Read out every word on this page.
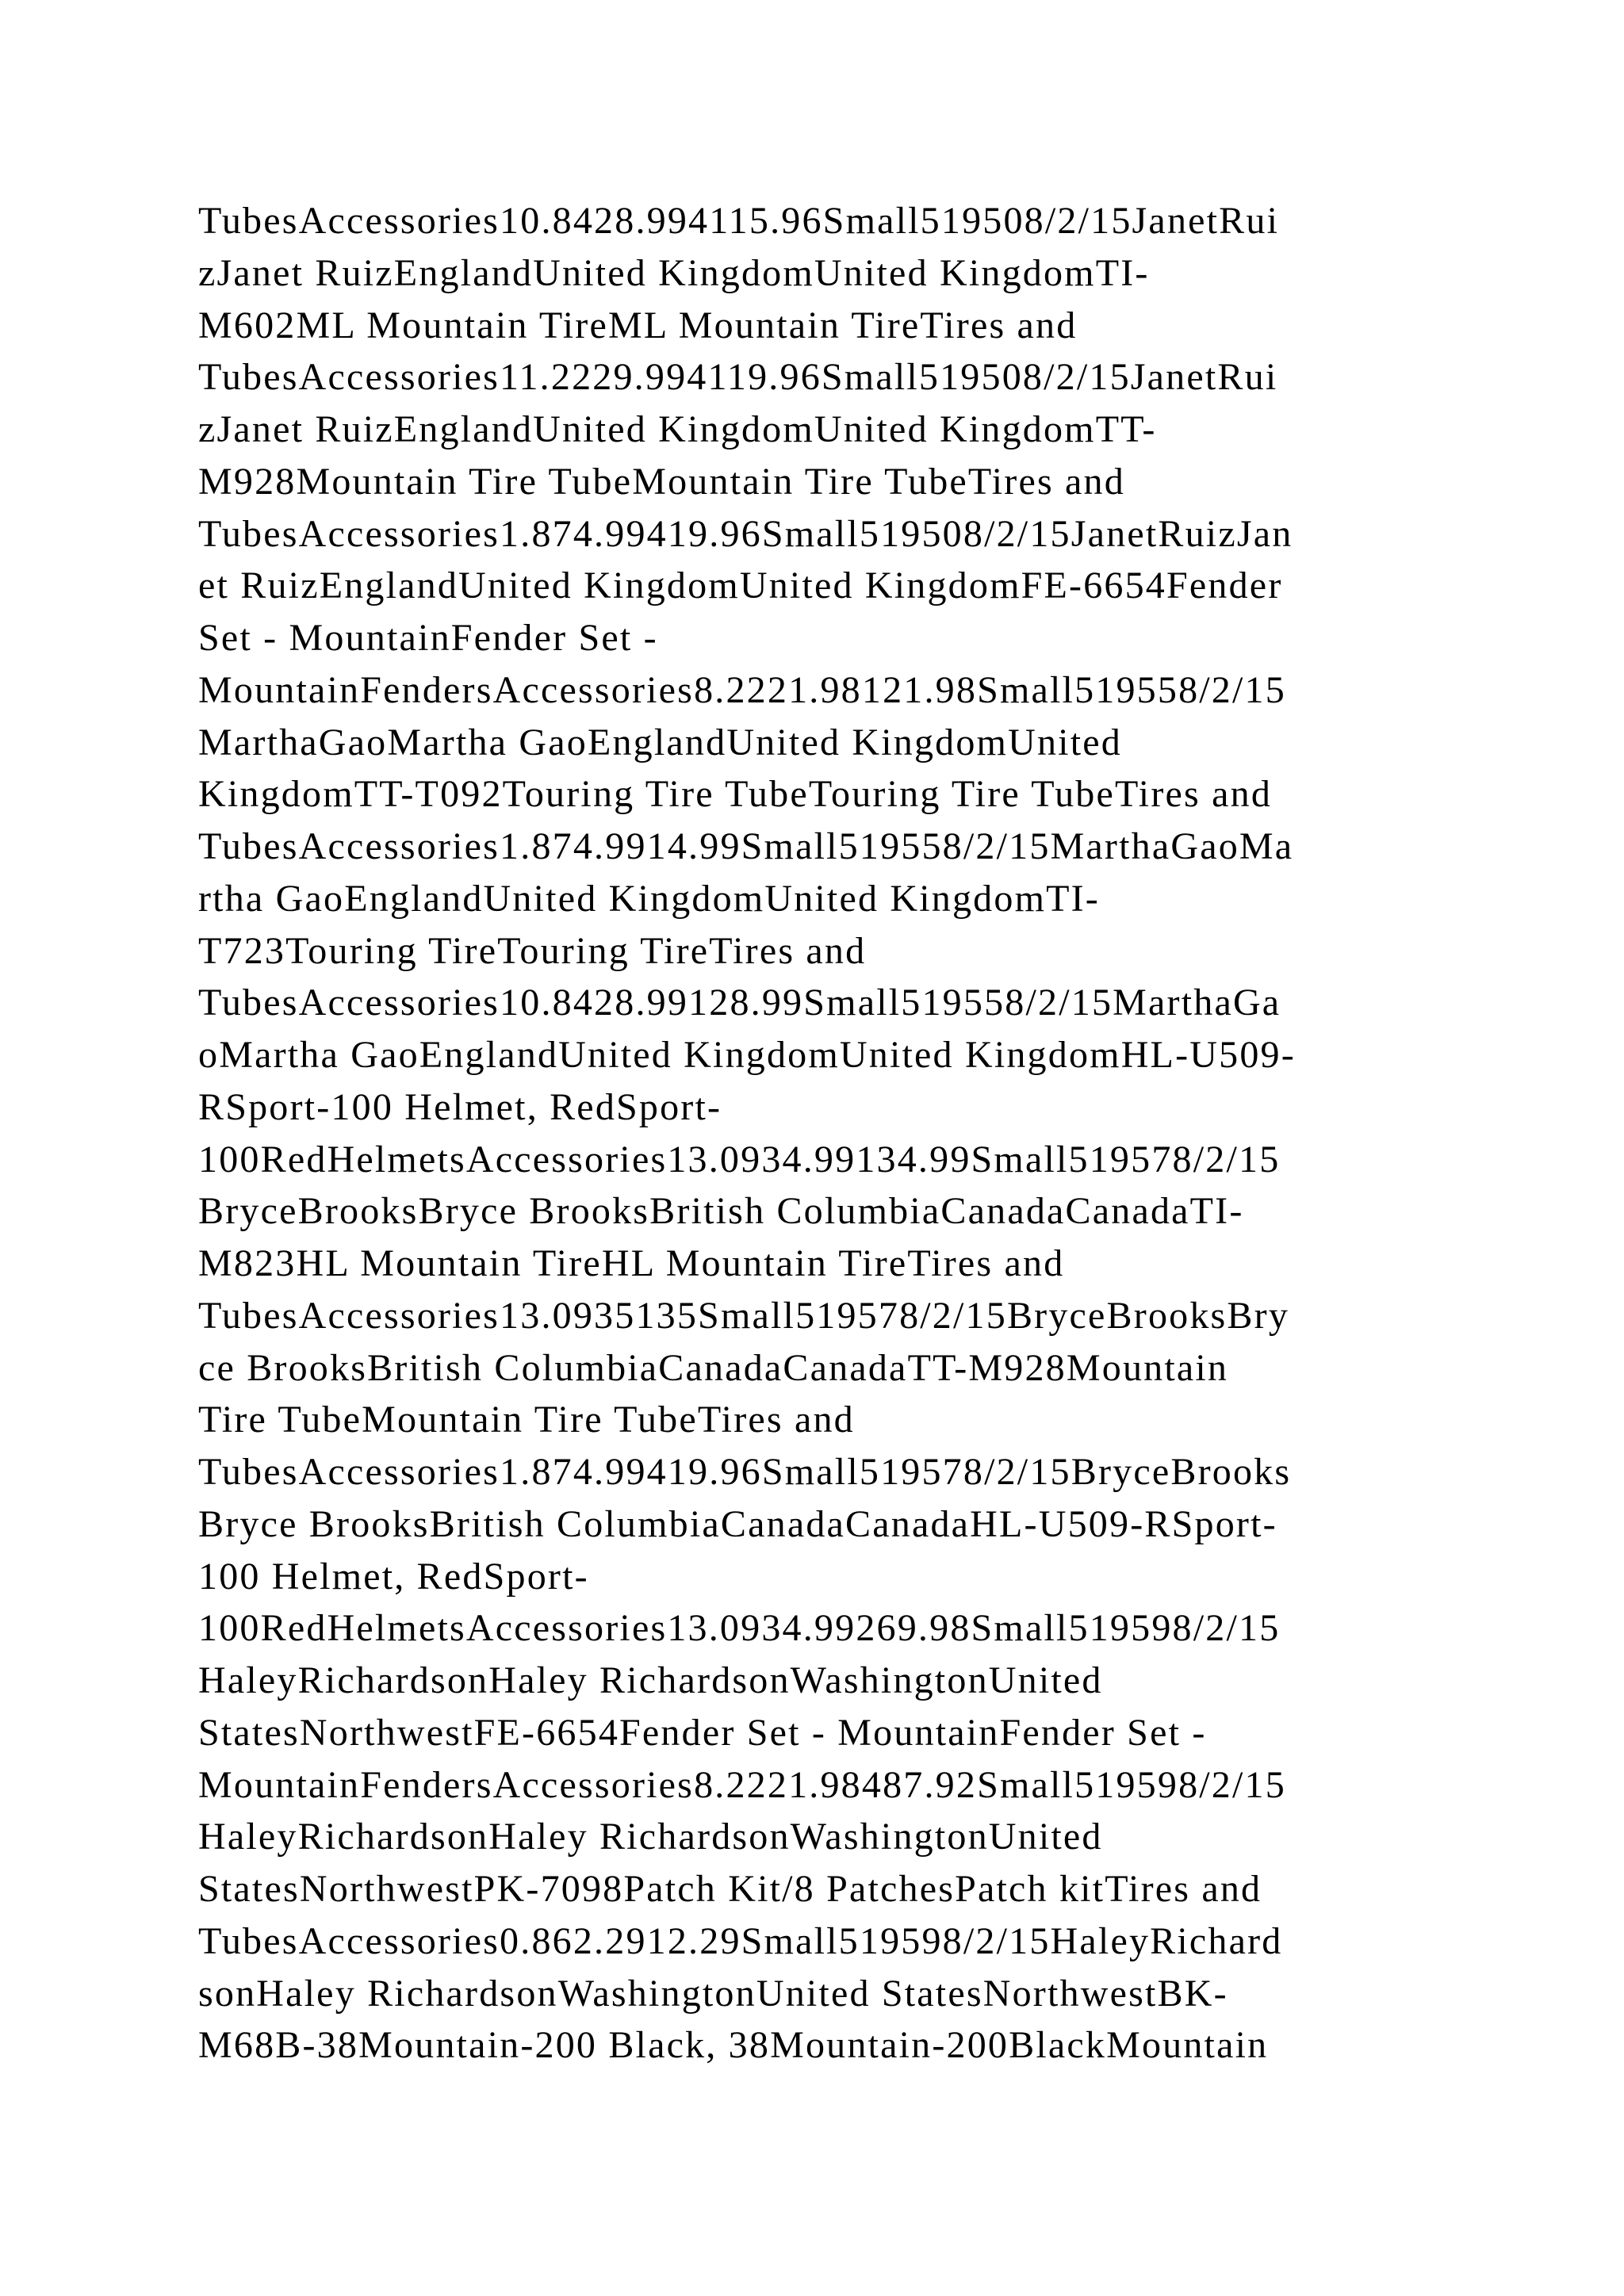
TubesAccessories10.8428.994115.96Small519508/2/15JanetRui
zJanet RuizEnglandUnited KingdomUnited KingdomTI-
M602ML Mountain TireML Mountain TireTires and
TubesAccessories11.2229.994119.96Small519508/2/15JanetRui
zJanet RuizEnglandUnited KingdomUnited KingdomTT-
M928Mountain Tire TubeMountain Tire TubeTires and
TubesAccessories1.874.99419.96Small519508/2/15JanetRuizJan
et RuizEnglandUnited KingdomUnited KingdomFE-6654Fender
Set - MountainFender Set -
MountainFendersAccessories8.2221.98121.98Small519558/2/15
MarthaGaoMartha GaoEnglandUnited KingdomUnited
KingdomTT-T092Touring Tire TubeTouring Tire TubeTires and
TubesAccessories1.874.9914.99Small519558/2/15MarthaGaoMa
rtha GaoEnglandUnited KingdomUnited KingdomTI-
T723Touring TireTouring TireTires and
TubesAccessories10.8428.99128.99Small519558/2/15MarthaGa
oMartha GaoEnglandUnited KingdomUnited KingdomHL-U509-
RSport-100 Helmet, RedSport-
100RedHelmetsAccessories13.0934.99134.99Small519578/2/15
BryceBrooksBryce BrooksBritish ColumbiaCanadaCanadaTI-
M823HL Mountain TireHL Mountain TireTires and
TubesAccessories13.0935135Small519578/2/15BryceBrooksBry
ce BrooksBritish ColumbiaCanadaCanadaTT-M928Mountain
Tire TubeMountain Tire TubeTires and
TubesAccessories1.874.99419.96Small519578/2/15BryceBrooks
Bryce BrooksBritish ColumbiaCanadaCanadaHL-U509-RSport-
100 Helmet, RedSport-
100RedHelmetsAccessories13.0934.99269.98Small519598/2/15
HaleyRichardsonHaley RichardsonWashingtonUnited
StatesNorthwestFE-6654Fender Set - MountainFender Set -
MountainFendersAccessories8.2221.98487.92Small519598/2/15
HaleyRichardsonHaley RichardsonWashingtonUnited
StatesNorthwestPK-7098Patch Kit/8 PatchesPatch kitTires and
TubesAccessories0.862.2912.29Small519598/2/15HaleyRichard
sonHaley RichardsonWashingtonUnited StatesNorthwestBK-
M68B-38Mountain-200 Black, 38Mountain-200BlackMountain
